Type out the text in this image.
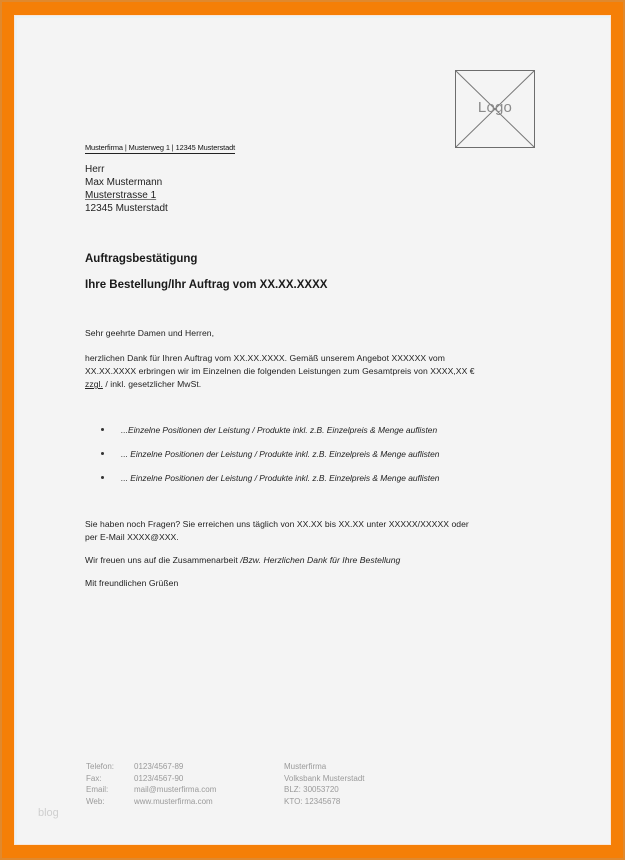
Logo
Musterfirma | Musterweg 1 | 12345 Musterstadt
Herr
Max Mustermann
Musterstrasse 1
12345 Musterstadt
Auftragsbestätigung
Ihre Bestellung/Ihr Auftrag vom XX.XX.XXXX
Sehr geehrte Damen und Herren,
herzlichen Dank für Ihren Auftrag vom XX.XX.XXXX. Gemäß unserem Angebot XXXXXX vom
XX.XX.XXXX erbringen wir im Einzelnen die folgenden Leistungen zum Gesamtpreis von XXXX,XX €
zzgl. / inkl. gesetzlicher MwSt.
...Einzelne Positionen der Leistung / Produkte inkl. z.B. Einzelpreis & Menge auflisten
... Einzelne Positionen der Leistung / Produkte inkl. z.B. Einzelpreis & Menge auflisten
... Einzelne Positionen der Leistung / Produkte inkl. z.B. Einzelpreis & Menge auflisten
Sie haben noch Fragen? Sie erreichen uns täglich von XX.XX bis XX.XX unter XXXXX/XXXXX oder
per E-Mail XXXX@XXX.
Wir freuen uns auf die Zusammenarbeit /Bzw. Herzlichen Dank für Ihre Bestellung
Mit freundlichen Grüßen
Telefon:
Fax:
Email:
Web:
0123/4567-89
0123/4567-90
mail@musterfirma.com
www.musterfirma.com
Musterfirma
Volksbank Musterstadt
BLZ: 30053720
KTO: 12345678
blog
